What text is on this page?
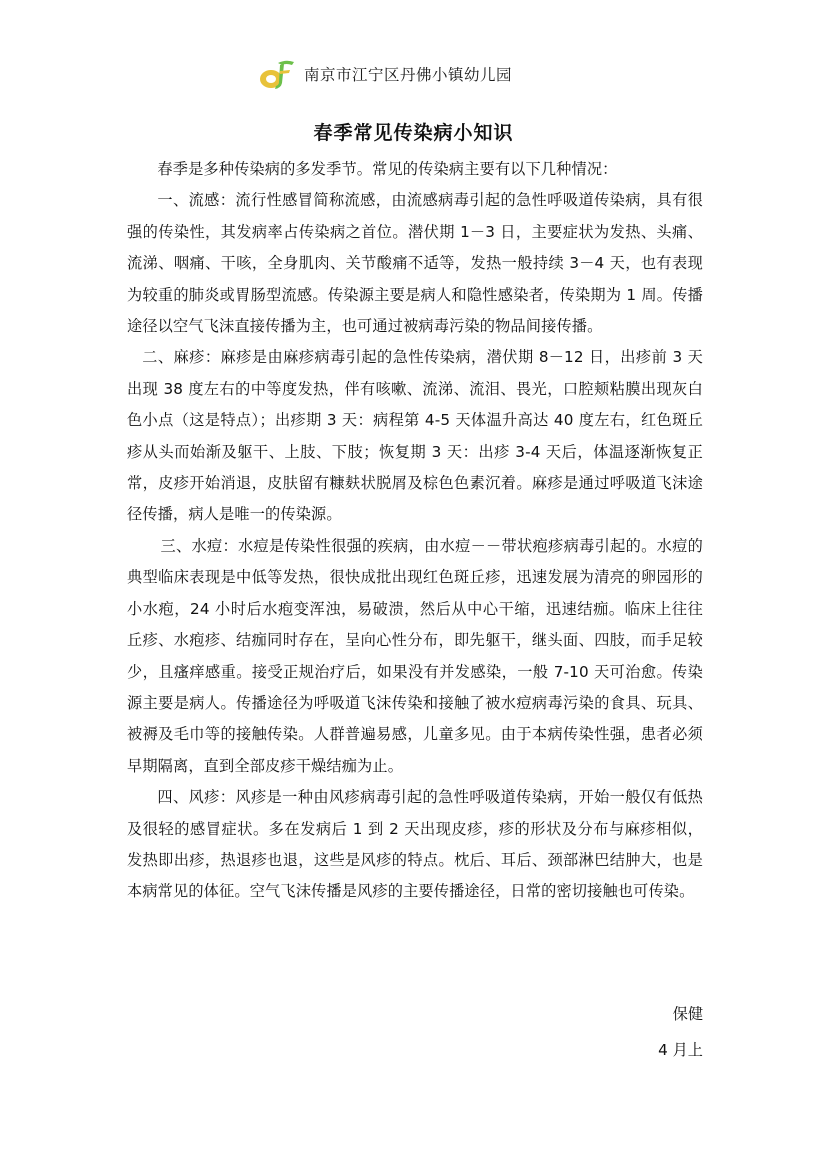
南京市江宁区丹佛小镇幼儿园
春季常见传染病小知识

春季是多种传染病的多发季节。常见的传染病主要有以下几种情况：

一、流感：流行性感冒简称流感，由流感病毒引起的急性呼吸道传染病，具有很强的传染性，其发病率占传染病之首位。潜伏期 1－3 日，主要症状为发热、头痛、流涕、咽痛、干咳，全身肌肉、关节酸痛不适等，发热一般持续 3－4 天，也有表现为较重的肺炎或胃肠型流感。传染源主要是病人和隐性感染者，传染期为 1 周。传播途径以空气飞沫直接传播为主，也可通过被病毒污染的物品间接传播。

二、麻疹：麻疹是由麻疹病毒引起的急性传染病，潜伏期 8－12 日，出疹前 3 天出现 38 度左右的中等度发热，伴有咳嗽、流涕、流泪、畏光，口腔颊粘膜出现灰白色小点（这是特点）；出疹期 3 天：病程第 4-5 天体温升高达 40 度左右，红色斑丘疹从头而始渐及躯干、上肢、下肢；恢复期 3 天：出疹 3-4 天后，体温逐渐恢复正常，皮疹开始消退，皮肤留有糠麸状脱屑及棕色色素沉着。麻疹是通过呼吸道飞沫途径传播，病人是唯一的传染源。

三、水痘：水痘是传染性很强的疾病，由水痘－－带状疱疹病毒引起的。水痘的典型临床表现是中低等发热，很快成批出现红色斑丘疹，迅速发展为清亮的卵园形的小水疱，24 小时后水疱变浑浊，易破溃，然后从中心干缩，迅速结痂。临床上往往丘疹、水疱疹、结痂同时存在，呈向心性分布，即先躯干，继头面、四肢，而手足较少，且瘙痒感重。接受正规治疗后，如果没有并发感染，一般 7-10 天可治愈。传染源主要是病人。传播途径为呼吸道飞沫传染和接触了被水痘病毒污染的食具、玩具、被褥及毛巾等的接触传染。人群普遍易感，儿童多见。由于本病传染性强，患者必须早期隔离，直到全部皮疹干燥结痂为止。

四、风疹：风疹是一种由风疹病毒引起的急性呼吸道传染病，开始一般仅有低热及很轻的感冒症状。多在发病后 1 到 2 天出现皮疹，疹的形状及分布与麻疹相似，发热即出疹，热退疹也退，这些是风疹的特点。枕后、耳后、颈部淋巴结肿大，也是本病常见的体征。空气飞沫传播是风疹的主要传播途径，日常的密切接触也可传染。

保健
4 月上
